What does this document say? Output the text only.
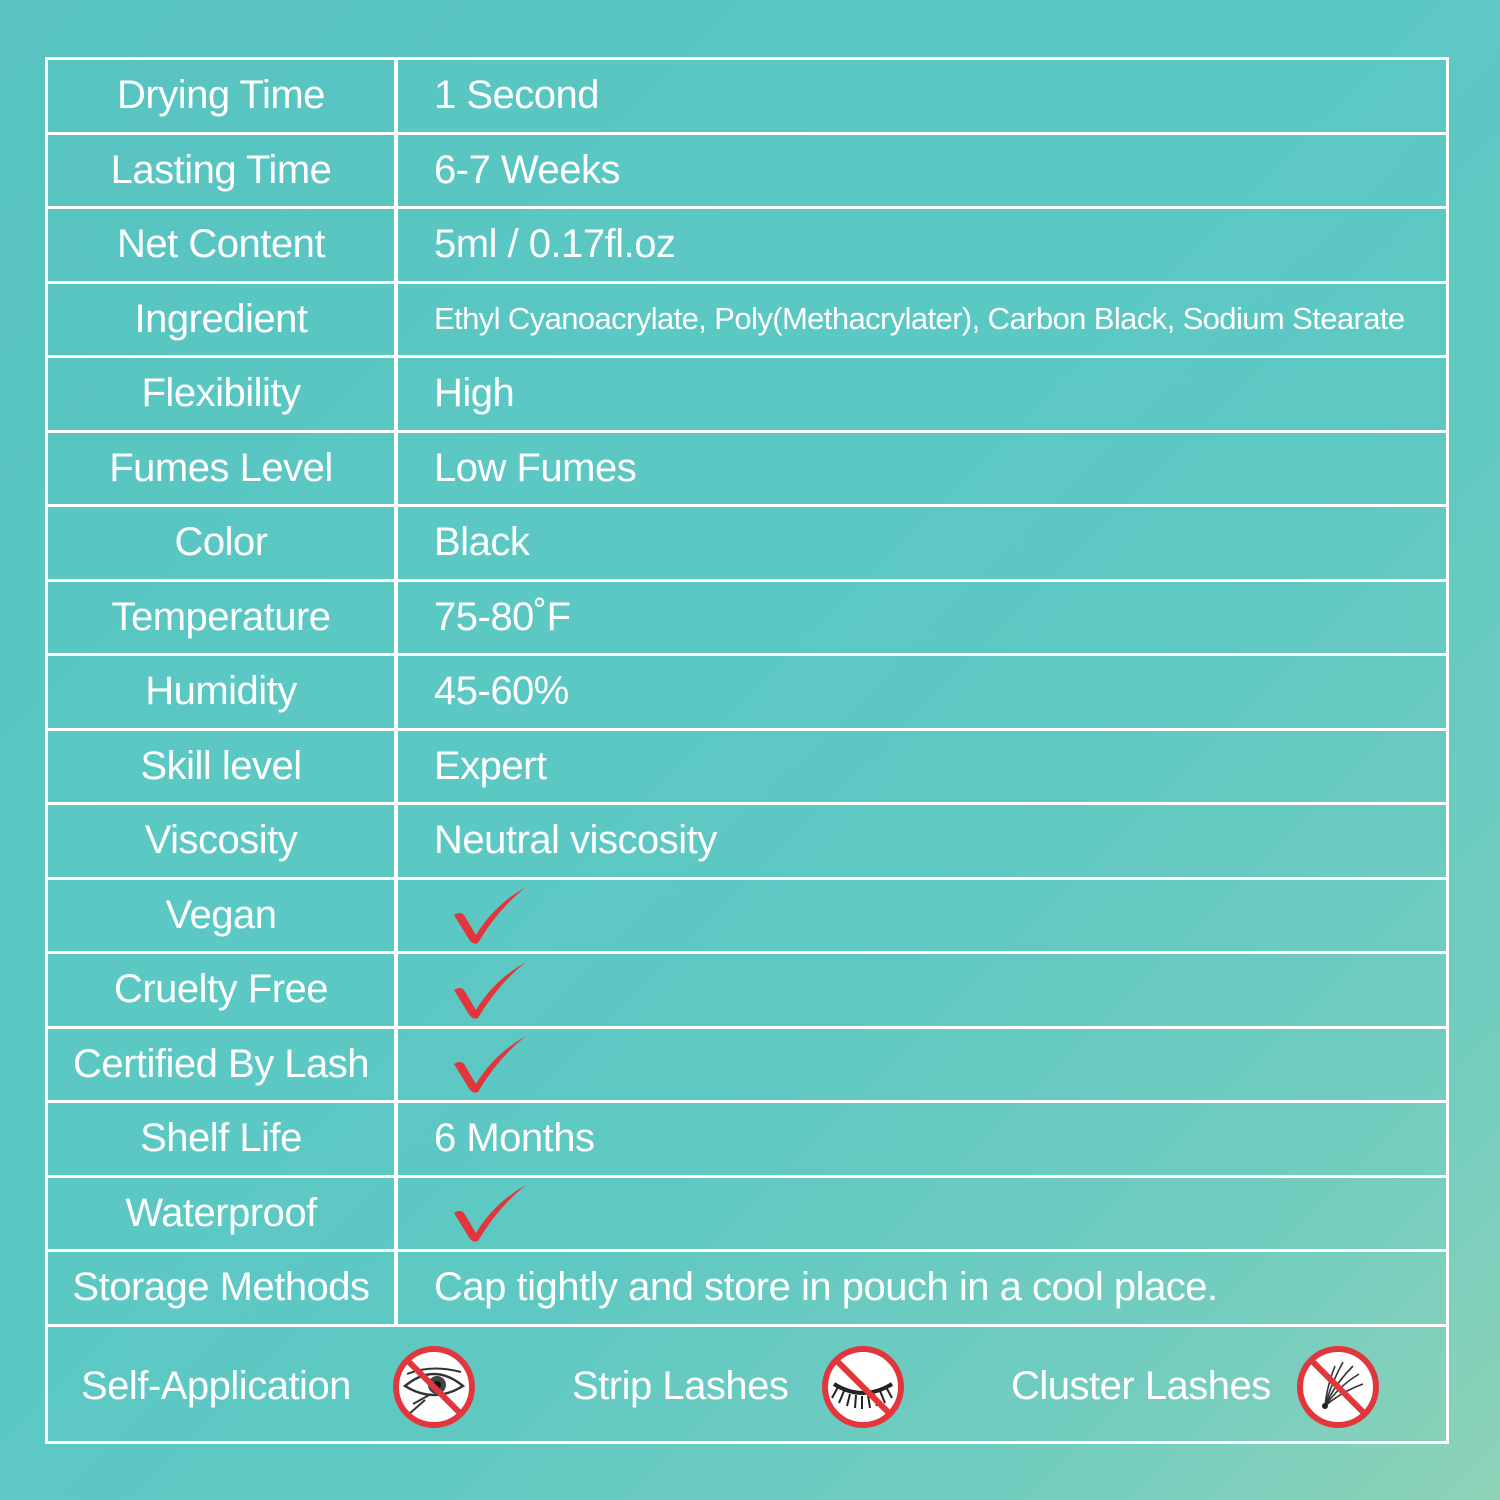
Drying Time	1 Second
Lasting Time	6-7 Weeks
Net Content	5ml / 0.17fl.oz
Ingredient	Ethyl Cyanoacrylate, Poly(Methacrylater), Carbon Black, Sodium Stearate
Flexibility	High
Fumes Level	Low Fumes
Color	Black
Temperature	75-80˚F
Humidity	45-60%
Skill level	Expert
Viscosity	Neutral viscosity
Vegan
Cruelty Free
Certified By Lash
Shelf Life	6 Months
Waterproof
Storage Methods	Cap tightly and store in pouch in a cool place.
Self-Application	Strip Lashes	Cluster Lashes
